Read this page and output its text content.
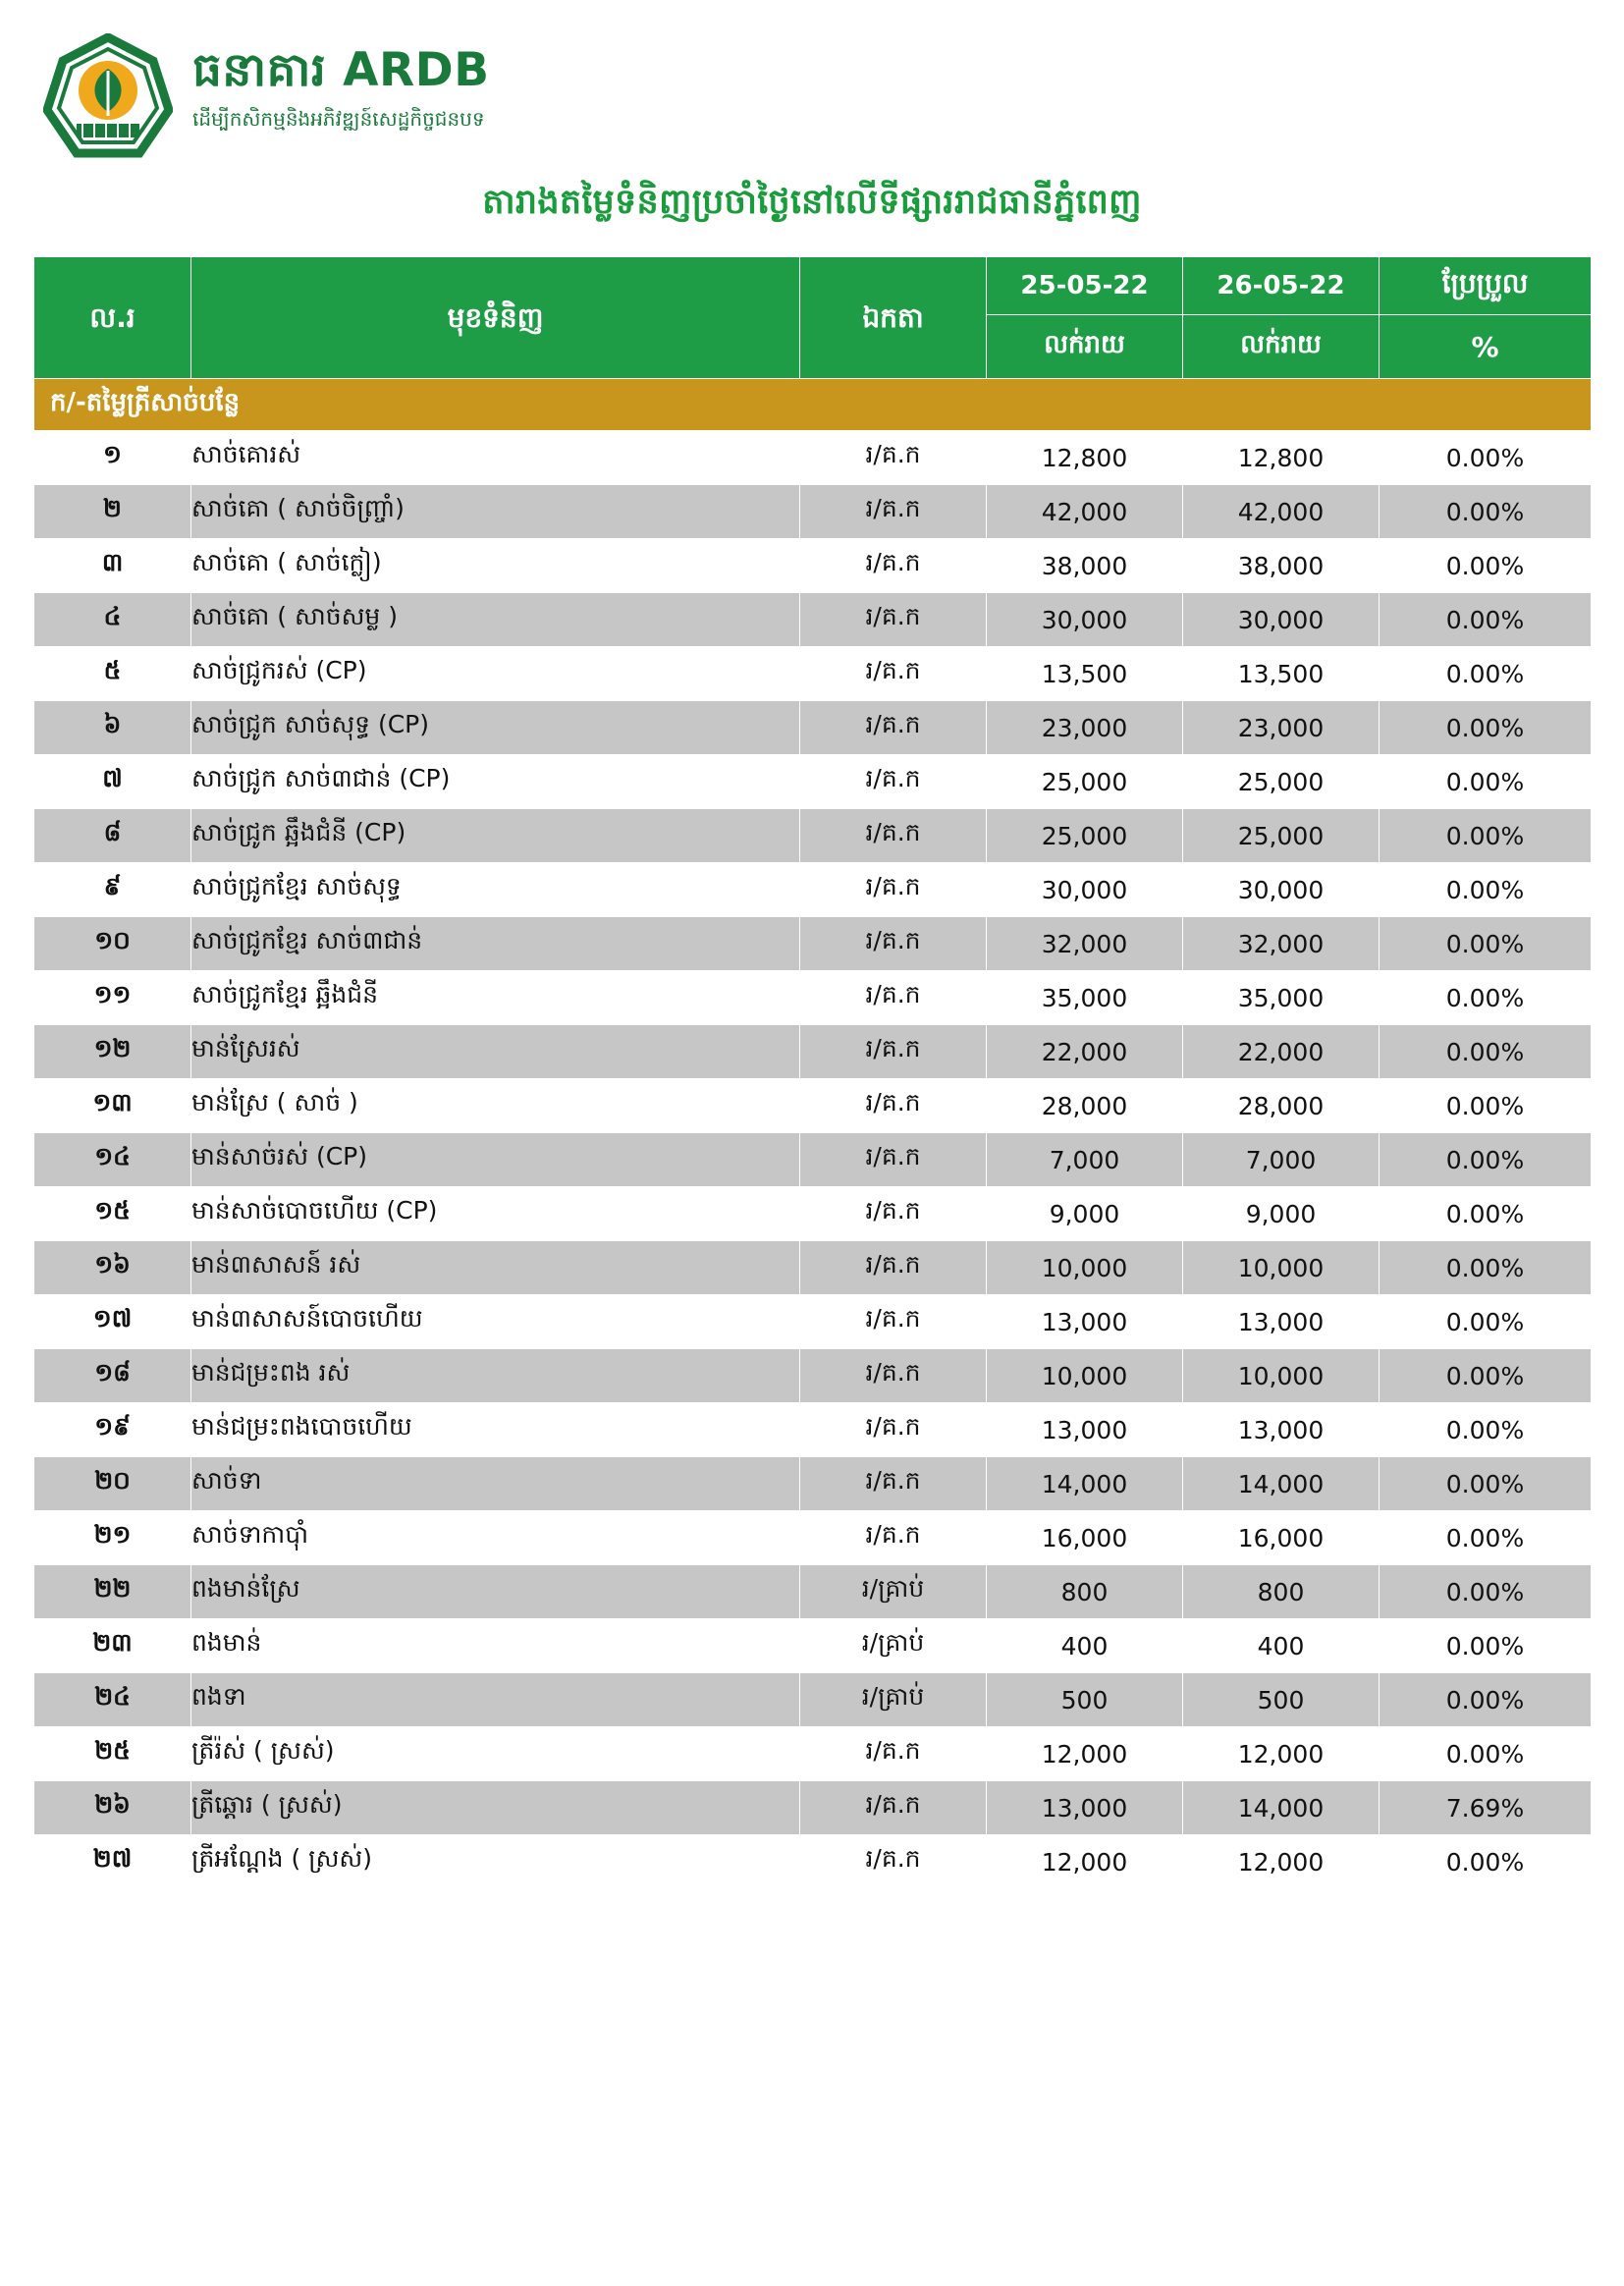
ធនាគារ ARDB
ដើម្បីកសិកម្មនិងអភិវឌ្ឍន៍សេដ្ឋកិច្ចជនបទ
តារាងតម្លៃទំនិញប្រចាំថ្ងៃនៅលើទីផ្សាររាជធានីភ្នំពេញ
ល.រ	មុខទំនិញ	ឯកតា	25-05-22	26-05-22	ប្រែប្រួល
			លក់រាយ	លក់រាយ	%
ក/-តម្លៃត្រីសាច់បន្លែ					
១	សាច់គោរស់	រ/គ.ក	12,800	12,800	0.00%
២	សាច់គោ ( សាច់ចិញ្ច្រាំ)	រ/គ.ក	42,000	42,000	0.00%
៣	សាច់គោ ( សាច់ក្លៀ)	រ/គ.ក	38,000	38,000	0.00%
៤	សាច់គោ ( សាច់សម្ល )	រ/គ.ក	30,000	30,000	0.00%
៥	សាច់ជ្រូករស់ (CP)	រ/គ.ក	13,500	13,500	0.00%
៦	សាច់ជ្រូក សាច់សុទ្ធ (CP)	រ/គ.ក	23,000	23,000	0.00%
៧	សាច់ជ្រូក សាច់៣ជាន់ (CP)	រ/គ.ក	25,000	25,000	0.00%
៨	សាច់ជ្រូក ឆ្អឹងជំនី (CP)	រ/គ.ក	25,000	25,000	0.00%
៩	សាច់ជ្រូកខ្មែរ សាច់សុទ្ធ	រ/គ.ក	30,000	30,000	0.00%
១០	សាច់ជ្រូកខ្មែរ សាច់៣ជាន់	រ/គ.ក	32,000	32,000	0.00%
១១	សាច់ជ្រូកខ្មែរ ឆ្អឹងជំនី	រ/គ.ក	35,000	35,000	0.00%
១២	មាន់ស្រែរស់	រ/គ.ក	22,000	22,000	0.00%
១៣	មាន់ស្រែ ( សាច់ )	រ/គ.ក	28,000	28,000	0.00%
១៤	មាន់សាច់រស់ (CP)	រ/គ.ក	7,000	7,000	0.00%
១៥	មាន់សាច់បោចហើយ (CP)	រ/គ.ក	9,000	9,000	0.00%
១៦	មាន់៣សាសន៍ រស់	រ/គ.ក	10,000	10,000	0.00%
១៧	មាន់៣សាសន៍បោចហើយ	រ/គ.ក	13,000	13,000	0.00%
១៨	មាន់ជម្រះពង រស់	រ/គ.ក	10,000	10,000	0.00%
១៩	មាន់ជម្រះពងបោចហើយ	រ/គ.ក	13,000	13,000	0.00%
២០	សាច់ទា	រ/គ.ក	14,000	14,000	0.00%
២១	សាច់ទាកាប៉ាំ	រ/គ.ក	16,000	16,000	0.00%
២២	ពងមាន់ស្រែ	រ/គ្រាប់	800	800	0.00%
២៣	ពងមាន់	រ/គ្រាប់	400	400	0.00%
២៤	ពងទា	រ/គ្រាប់	500	500	0.00%
២៥	ត្រីរ៉ស់ ( ស្រស់)	រ/គ.ក	12,000	12,000	0.00%
២៦	ត្រីឆ្ដោរ ( ស្រស់)	រ/គ.ក	13,000	14,000	7.69%
២៧	ត្រីអណ្ដែង ( ស្រស់)	រ/គ.ក	12,000	12,000	0.00%
